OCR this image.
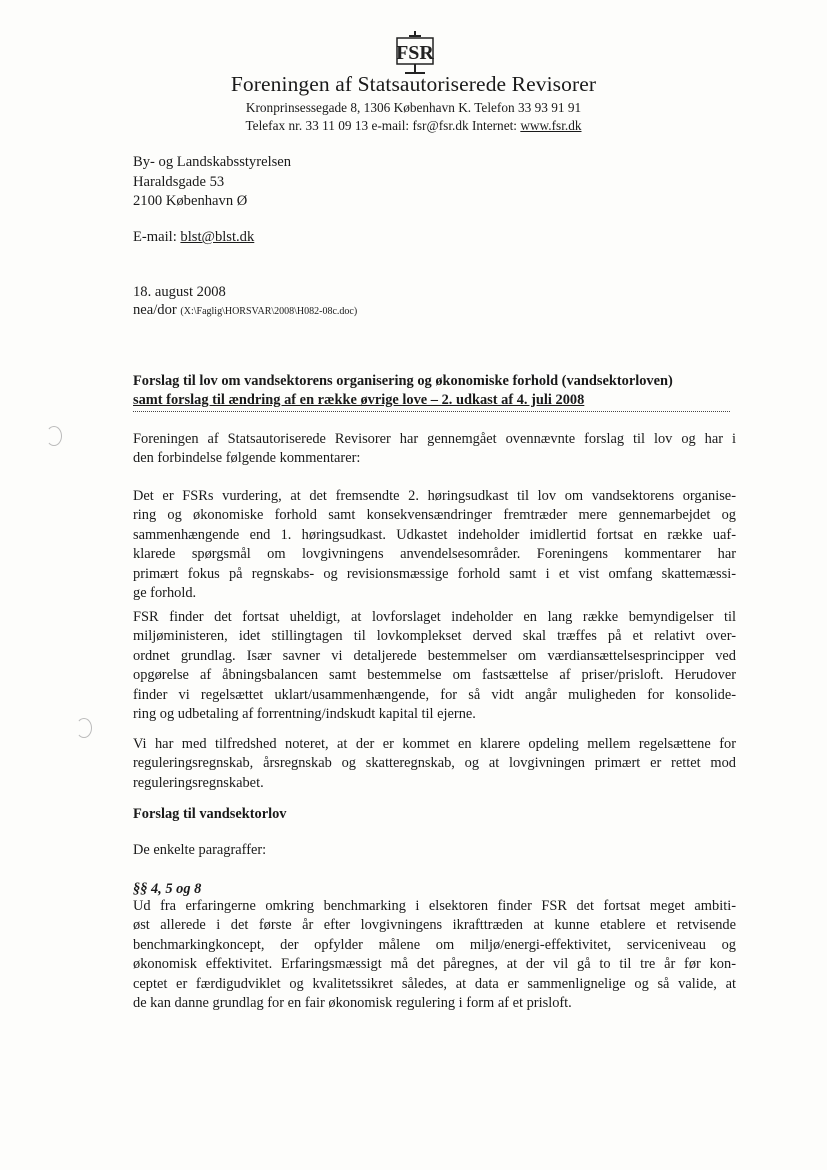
FSR
Foreningen af Statsautoriserede Revisorer
Kronprinsessegade 8, 1306 København K. Telefon 33 93 91 91
Telefax nr. 33 11 09 13 e-mail: fsr@fsr.dk Internet: www.fsr.dk
By- og Landskabsstyrelsen
Haraldsgade 53
2100 København Ø
E-mail: blst@blst.dk
18. august 2008
nea/dor (X:\Faglig\HORSVAR\2008\H082-08c.doc)
Forslag til lov om vandsektorens organisering og økonomiske forhold (vandsektorloven)
samt forslag til ændring af en række øvrige love – 2. udkast af 4. juli 2008
Foreningen af Statsautoriserede Revisorer har gennemgået ovennævnte forslag til lov og har i
den forbindelse følgende kommentarer:
Det er FSRs vurdering, at det fremsendte 2. høringsudkast til lov om vandsektorens organise-
ring og økonomiske forhold samt konsekvensændringer fremtræder mere gennemarbejdet og
sammenhængende end 1. høringsudkast. Udkastet indeholder imidlertid fortsat en række uaf-
klarede spørgsmål om lovgivningens anvendelsesområder. Foreningens kommentarer har
primært fokus på regnskabs- og revisionsmæssige forhold samt i et vist omfang skattemæssi-
ge forhold.
FSR finder det fortsat uheldigt, at lovforslaget indeholder en lang række bemyndigelser til
miljøministeren, idet stillingtagen til lovkomplekset derved skal træffes på et relativt over-
ordnet grundlag. Især savner vi detaljerede bestemmelser om værdiansættelsesprincipper ved
opgørelse af åbningsbalancen samt bestemmelse om fastsættelse af priser/prisloft. Herudover
finder vi regelsættet uklart/usammenhængende, for så vidt angår muligheden for konsolide-
ring og udbetaling af forrentning/indskudt kapital til ejerne.
Vi har med tilfredshed noteret, at der er kommet en klarere opdeling mellem regelsættene for
reguleringsregnskab, årsregnskab og skatteregnskab, og at lovgivningen primært er rettet mod
reguleringsregnskabet.
Forslag til vandsektorlov
De enkelte paragraffer:
§§ 4, 5 og 8
Ud fra erfaringerne omkring benchmarking i elsektoren finder FSR det fortsat meget ambiti-
øst allerede i det første år efter lovgivningens ikrafttræden at kunne etablere et retvisende
benchmarkingkoncept, der opfylder målene om miljø/energi-effektivitet, serviceniveau og
økonomisk effektivitet. Erfaringsmæssigt må det påregnes, at der vil gå to til tre år før kon-
ceptet er færdigudviklet og kvalitetssikret således, at data er sammenlignelige og så valide, at
de kan danne grundlag for en fair økonomisk regulering i form af et prisloft.
